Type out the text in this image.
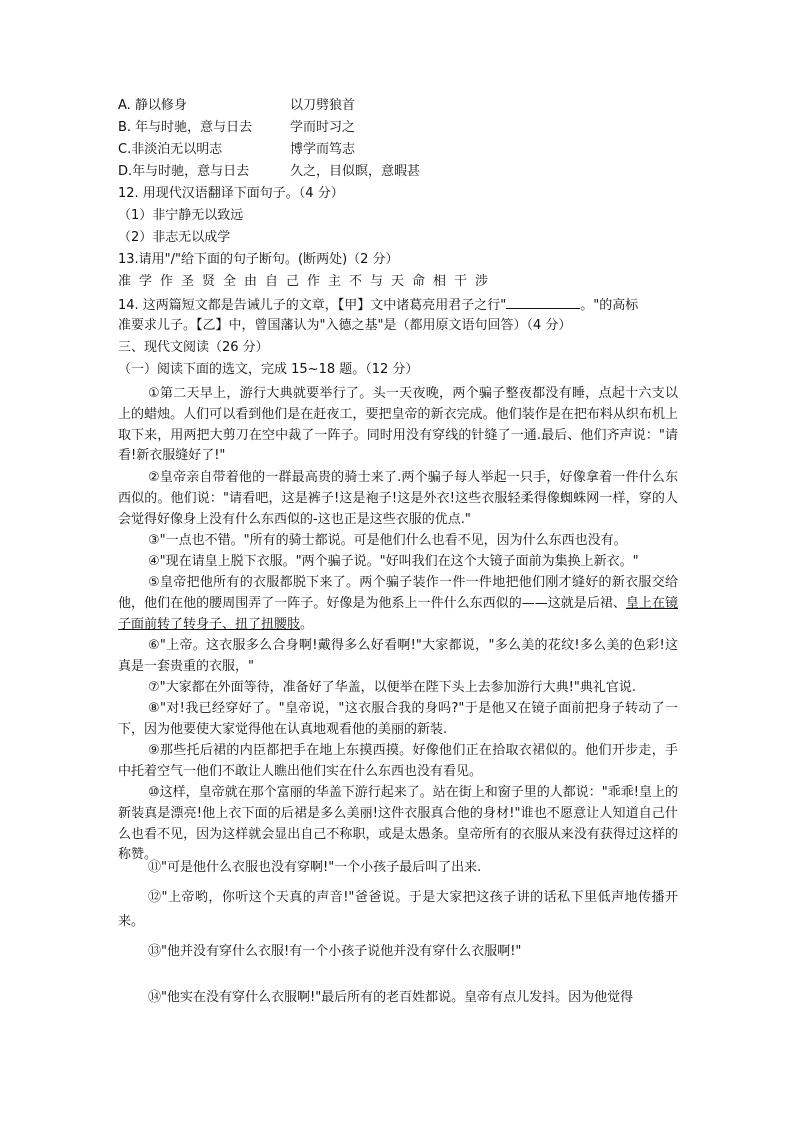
A. 静以修身	以刀劈狼首
B. 年与时驰，意与日去	学而时习之
C.非淡泊无以明志	博学而笃志
D.年与时驰，意与日去	久之，目似瞑，意暇甚
12. 用现代汉语翻译下面句子。（4 分）
（1）非宁静无以致远
（2）非志无以成学
13.请用"/"给下面的句子断句。(断两处)（2 分）
准学作圣贤全由自己作主不与天命相干涉
14. 这两篇短文都是告诫儿子的文章，【甲】文中诸葛亮用君子之行"	。"的高标
准要求儿子。【乙】中，曾国藩认为"入德之基"是（都用原文语句回答）（4 分）
三、现代文阅读（26 分）
（一）阅读下面的选文，完成 15~18 题。（12 分）
①第二天早上，游行大典就要举行了。头一天夜晚，两个骗子整夜都没有睡，点起十六支以上的蜡烛。人们可以看到他们是在赶夜工，要把皇帝的新衣完成。他们装作是在把布料从织布机上取下来，用两把大剪刀在空中裁了一阵子。同时用没有穿线的针缝了一通.最后、他们齐声说："请看!新衣服缝好了!"
②皇帝亲自带着他的一群最高贵的骑士来了.两个骗子每人举起一只手，好像拿着一件什么东西似的。他们说："请看吧，这是裤子!这是袍子!这是外衣!这些衣服轻柔得像蜘蛛网一样，穿的人会觉得好像身上没有什么东西似的-这也正是这些衣服的优点."
③"一点也不错。"所有的骑士都说。可是他们什么也看不见，因为什么东西也没有。
④"现在请皇上脱下衣服。"两个骗子说。"好叫我们在这个大镜子面前为集换上新衣。"
⑤皇帝把他所有的衣服都脱下来了。两个骗子装作一件一件地把他们刚才缝好的新衣服交给他，他们在他的腰周围弄了一阵子。好像是为他系上一件什么东西似的——这就是后裙、皇上在镜子面前转了转身子、扭了扭腰肢。
⑥"上帝。这衣服多么合身啊!戴得多么好看啊!"大家都说，"多么美的花纹!多么美的色彩!这真是一套贵重的衣服，"
⑦"大家都在外面等待，准备好了华盖，以便举在陛下头上去参加游行大典!"典礼官说.
⑧"对!我已经穿好了。"皇帝说，"这衣服合我的身吗?"于是他又在镜子面前把身子转动了一下，因为他要使大家觉得他在认真地观看他的美丽的新装.
⑨那些托后裙的内臣都把手在地上东摸西摸。好像他们正在拾取衣裙似的。他们开步走，手中托着空气一他们不敢让人瞧出他们实在什么东西也没有看见。
⑩这样，皇帝就在那个富丽的华盖下游行起来了。站在街上和窗子里的人都说："乖乖!皇上的新装真是漂亮!他上衣下面的后裙是多么美丽!这件衣服真合他的身材!"谁也不愿意让人知道自己什么也看不见，因为这样就会显出自己不称职，或是太愚条。皇帝所有的衣服从来没有获得过这样的称赞。
⑪"可是他什么衣服也没有穿啊!"一个小孩子最后叫了出来.
⑫"上帝哟，你听这个天真的声音!"爸爸说。于是大家把这孩子讲的话私下里低声地传播开来。
⑬"他并没有穿什么衣服!有一个小孩子说他并没有穿什么衣服啊!"
⑭"他实在没有穿什么衣服啊!"最后所有的老百姓都说。皇帝有点儿发抖。因为他觉得
